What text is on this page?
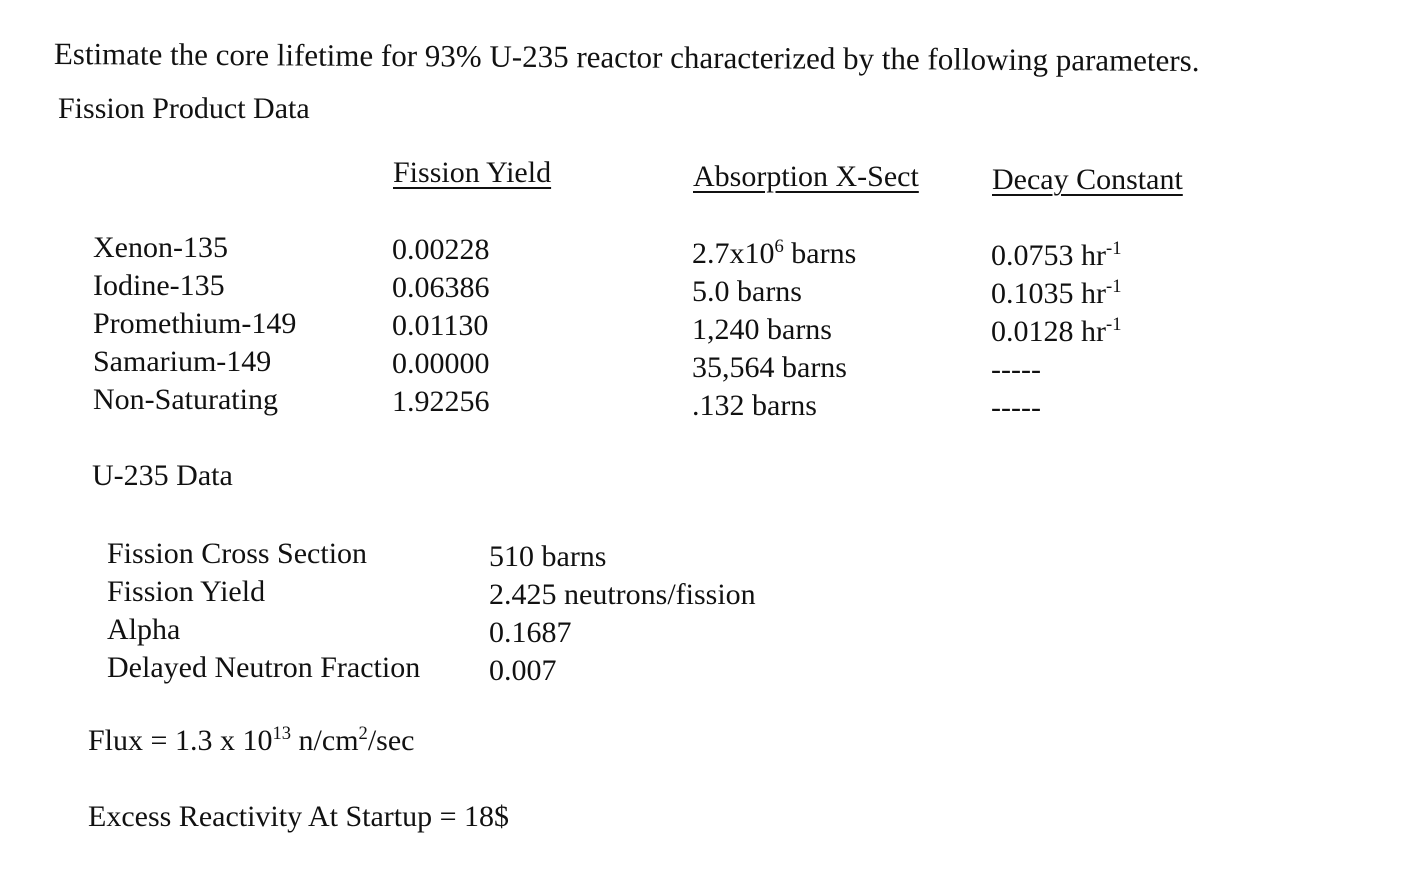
Estimate the core lifetime for 93% U-235 reactor characterized by the following parameters.
Fission Product Data
Fission Yield	Absorption X-Sect Decay Constant
Xenon-135
Iodine-135
Promethium-149
Samarium-149
Non-Saturating
0.00228
0.06386
0.01130
0.00000
1.92256
$2.7x10^6$ barns
5.0 barns
1,240 barns
35,564 barns
.132 barns
0.0753 $hr^{-1}$
0.1035 $hr^{-1}$
0.0128 $hr^{-1}$
-----
-----
U-235 Data
Fission Cross Section
Fission Yield
Alpha
Delayed Neutron Fraction
510 barns
2.425 neutrons/fission
0.1687
0.007
Flux = 1.3 x $10^{13}$ $n/cm^2/\sec$
Excess Reactivity At Startup = 18$
